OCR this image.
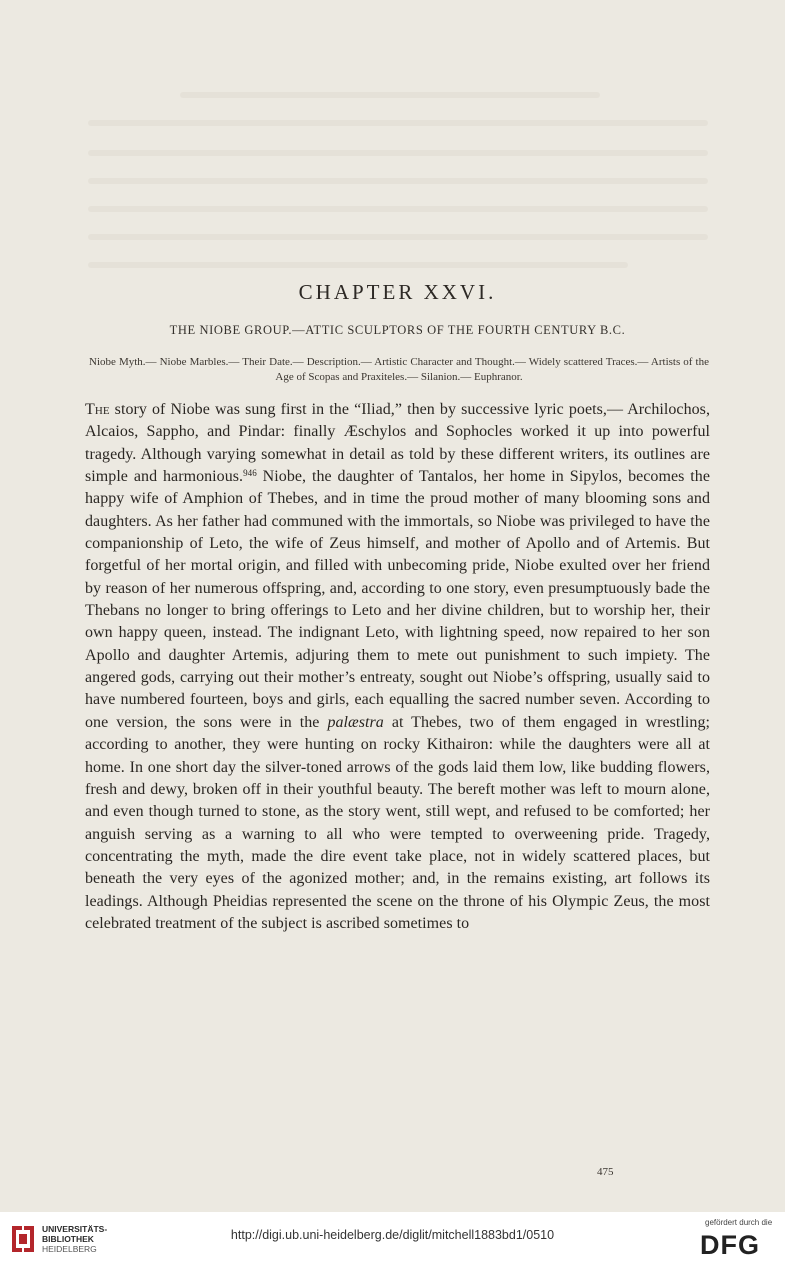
CHAPTER XXVI.
THE NIOBE GROUP.—ATTIC SCULPTORS OF THE FOURTH CENTURY B.C.
Niobe Myth.— Niobe Marbles.— Their Date.— Description.— Artistic Character and Thought.— Widely scattered Traces.— Artists of the Age of Scopas and Praxiteles.— Silanion.— Euphranor.

The story of Niobe was sung first in the “Iliad,” then by successive lyric poets,— Archilochos, Alcaios, Sappho, and Pindar: finally Æschylos and Sophocles worked it up into powerful tragedy. Although varying somewhat in detail as told by these different writers, its outlines are simple and harmonious.$^{946}$ Niobe, the daughter of Tantalos, her home in Sipylos, becomes the happy wife of Amphion of Thebes, and in time the proud mother of many blooming sons and daughters. As her father had communed with the immortals, so Niobe was privileged to have the companionship of Leto, the wife of Zeus himself, and mother of Apollo and of Artemis. But forgetful of her mortal origin, and filled with unbecoming pride, Niobe exulted over her friend by reason of her numerous offspring, and, according to one story, even presumptuously bade the Thebans no longer to bring offerings to Leto and her divine children, but to worship her, their own happy queen, instead. The indignant Leto, with lightning speed, now repaired to her son Apollo and daughter Artemis, adjuring them to mete out punishment to such impiety. The angered gods, carrying out their mother’s entreaty, sought out Niobe’s offspring, usually said to have numbered fourteen, boys and girls, each equalling the sacred number seven. According to one version, the sons were in the palæstra at Thebes, two of them engaged in wrestling; according to another, they were hunting on rocky Kithairon: while the daughters were all at home. In one short day the silver-toned arrows of the gods laid them low, like budding flowers, fresh and dewy, broken off in their youthful beauty. The bereft mother was left to mourn alone, and even though turned to stone, as the story went, still wept, and refused to be comforted; her anguish serving as a warning to all who were tempted to overweening pride. Tragedy, concentrating the myth, made the dire event take place, not in widely scattered places, but beneath the very eyes of the agonized mother; and, in the remains existing, art follows its leadings. Although Pheidias represented the scene on the throne of his Olympic Zeus, the most celebrated treatment of the subject is ascribed sometimes to

475
UNIVERSITÄTS-
BIBLIOTHEK
HEIDELBERG
http://digi.ub.uni-heidelberg.de/diglit/mitchell1883bd1/0510
gefördert durch die
DFG
